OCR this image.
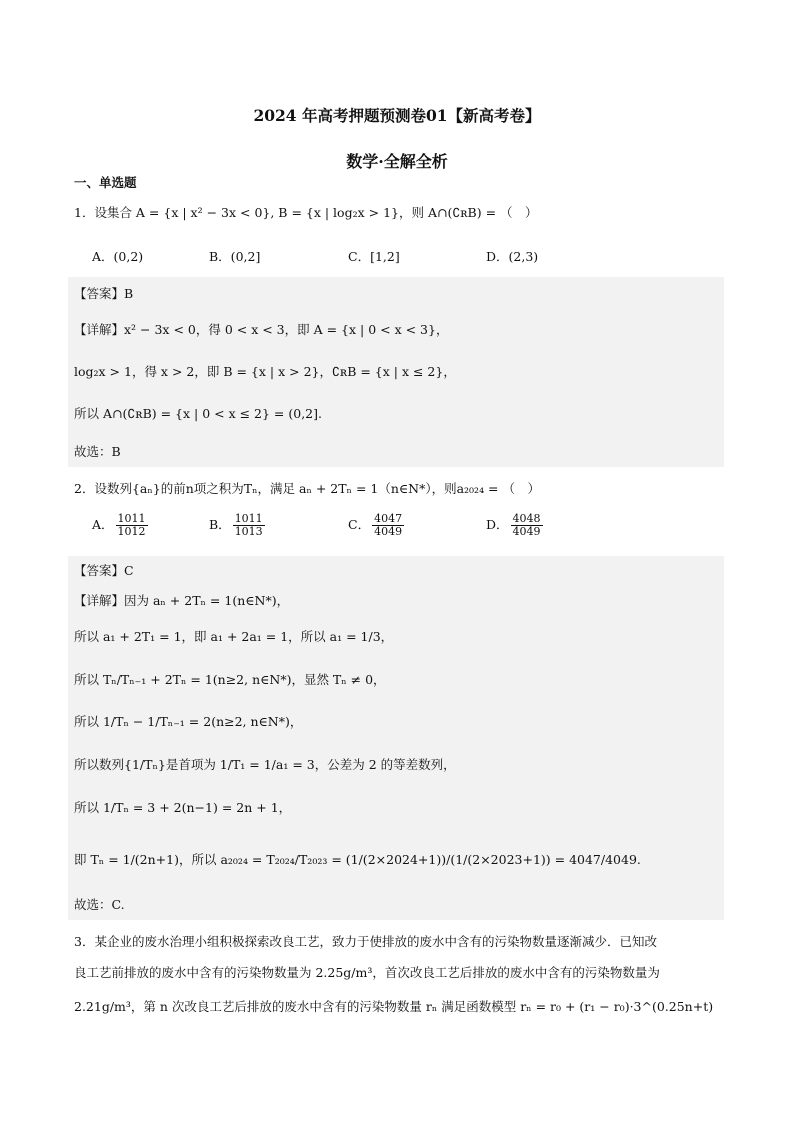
2024 年高考押题预测卷01【新高考卷】
数学·全解全析
一、单选题
1．设集合 A = {x | x² − 3x < 0}, B = {x | log₂x > 1}，则 A∩(∁ʀB) = （　）
A．(0,2)	B．(0,2]	C．[1,2]	D．(2,3)
【答案】B
【详解】x² − 3x < 0，得 0 < x < 3，即 A = {x | 0 < x < 3}，
log₂x > 1，得 x > 2，即 B = {x | x > 2}，∁ʀB = {x | x ≤ 2}，
所以 A∩(∁ʀB) = {x | 0 < x ≤ 2} = (0,2].
故选：B
2．设数列{aₙ}的前n项之积为Tₙ，满足 aₙ + 2Tₙ = 1（n∈N*），则a₂₀₂₄ = （　）
A． $\frac{1011}{1012}$	B． $\frac{1011}{1013}$	C． $\frac{4047}{4049}$	D． $\frac{4048}{4049}$
【答案】C
【详解】因为 aₙ + 2Tₙ = 1(n∈N*)，
所以 a₁ + 2T₁ = 1，即 a₁ + 2a₁ = 1，所以 a₁ = 1/3，
所以 Tₙ/Tₙ₋₁ + 2Tₙ = 1(n≥2, n∈N*)，显然 Tₙ ≠ 0，
所以 1/Tₙ − 1/Tₙ₋₁ = 2(n≥2, n∈N*)，
所以数列{1/Tₙ}是首项为 1/T₁ = 1/a₁ = 3，公差为 2 的等差数列，
所以 1/Tₙ = 3 + 2(n−1) = 2n + 1，
即 Tₙ = 1/(2n+1)，所以 a₂₀₂₄ = T₂₀₂₄/T₂₀₂₃ = (1/(2×2024+1))/(1/(2×2023+1)) = 4047/4049.
故选：C.
3．某企业的废水治理小组积极探索改良工艺，致力于使排放的废水中含有的污染物数量逐渐减少．已知改
良工艺前排放的废水中含有的污染物数量为 2.25g/m³，首次改良工艺后排放的废水中含有的污染物数量为
2.21g/m³，第 n 次改良工艺后排放的废水中含有的污染物数量 rₙ 满足函数模型 rₙ = r₀ + (r₁ − r₀)·3^(0.25n+t)
